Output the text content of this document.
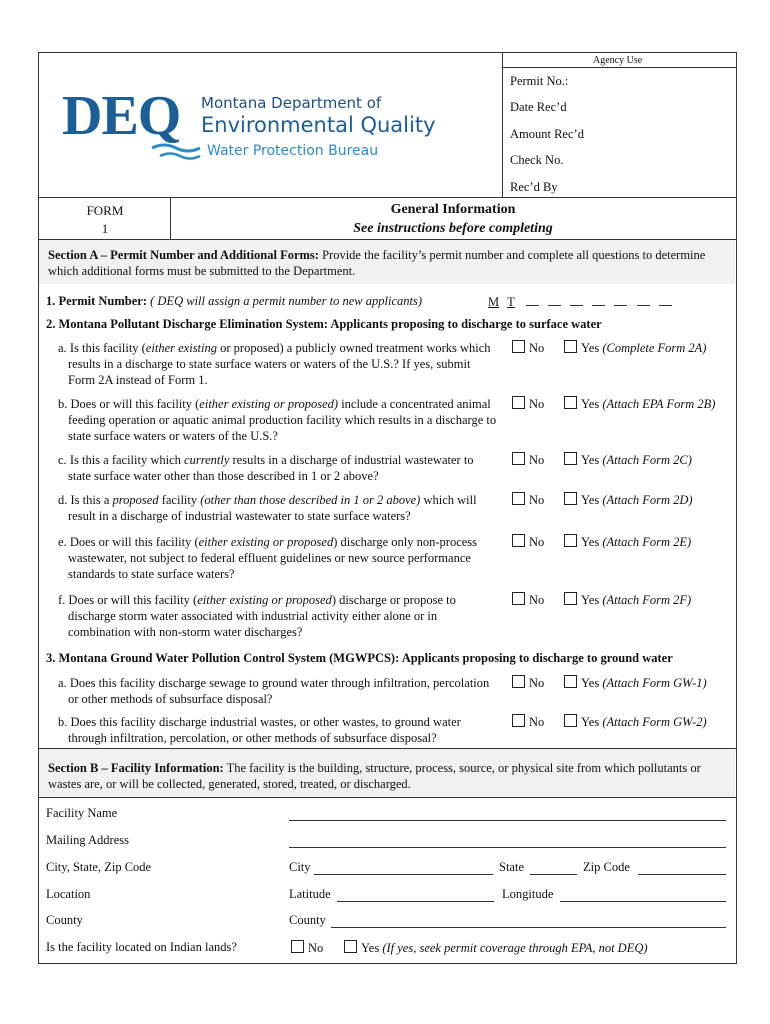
DEQ Montana Department of
Environmental Quality
Water Protection Bureau
Agency Use
Permit No.:
Date Rec’d
Amount Rec’d
Check No.
Rec’d By
FORM
1
General Information
See instructions before completing
Section A – Permit Number and Additional Forms: Provide the facility’s permit number and complete all questions to determine which additional forms must be submitted to the Department.
1. Permit Number: ( DEQ will assign a permit number to new applicants)	M T
2. Montana Pollutant Discharge Elimination System: Applicants proposing to discharge to surface water
a. Is this facility (either existing or proposed) a publicly owned treatment works which results in a discharge to state surface waters or waters of the U.S.? If yes, submit Form 2A instead of Form 1.
No	Yes (Complete Form 2A)
b. Does or will this facility (either existing or proposed) include a concentrated animal feeding operation or aquatic animal production facility which results in a discharge to state surface waters or waters of the U.S.?
No	Yes (Attach EPA Form 2B)
c. Is this a facility which currently results in a discharge of industrial wastewater to state surface water other than those described in 1 or 2 above?
No	Yes (Attach Form 2C)
d. Is this a proposed facility (other than those described in 1 or 2 above) which will result in a discharge of industrial wastewater to state surface waters?
No	Yes (Attach Form 2D)
e. Does or will this facility (either existing or proposed) discharge only non-process wastewater, not subject to federal effluent guidelines or new source performance standards to state surface waters?
No	Yes (Attach Form 2E)
f. Does or will this facility (either existing or proposed) discharge or propose to discharge storm water associated with industrial activity either alone or in combination with non-storm water discharges?
No	Yes (Attach Form 2F)
3. Montana Ground Water Pollution Control System (MGWPCS): Applicants proposing to discharge to ground water
a. Does this facility discharge sewage to ground water through infiltration, percolation or other methods of subsurface disposal?
No	Yes (Attach Form GW-1)
b. Does this facility discharge industrial wastes, or other wastes, to ground water through infiltration, percolation, or other methods of subsurface disposal?
No	Yes (Attach Form GW-2)
Section B – Facility Information: The facility is the building, structure, process, source, or physical site from which pollutants or wastes are, or will be collected, generated, stored, treated, or discharged.
Facility Name
Mailing Address
City, State, Zip Code	City	State	Zip Code
Location	Latitude	Longitude
County	County
Is the facility located on Indian lands?	No	Yes (If yes, seek permit coverage through EPA, not DEQ)
